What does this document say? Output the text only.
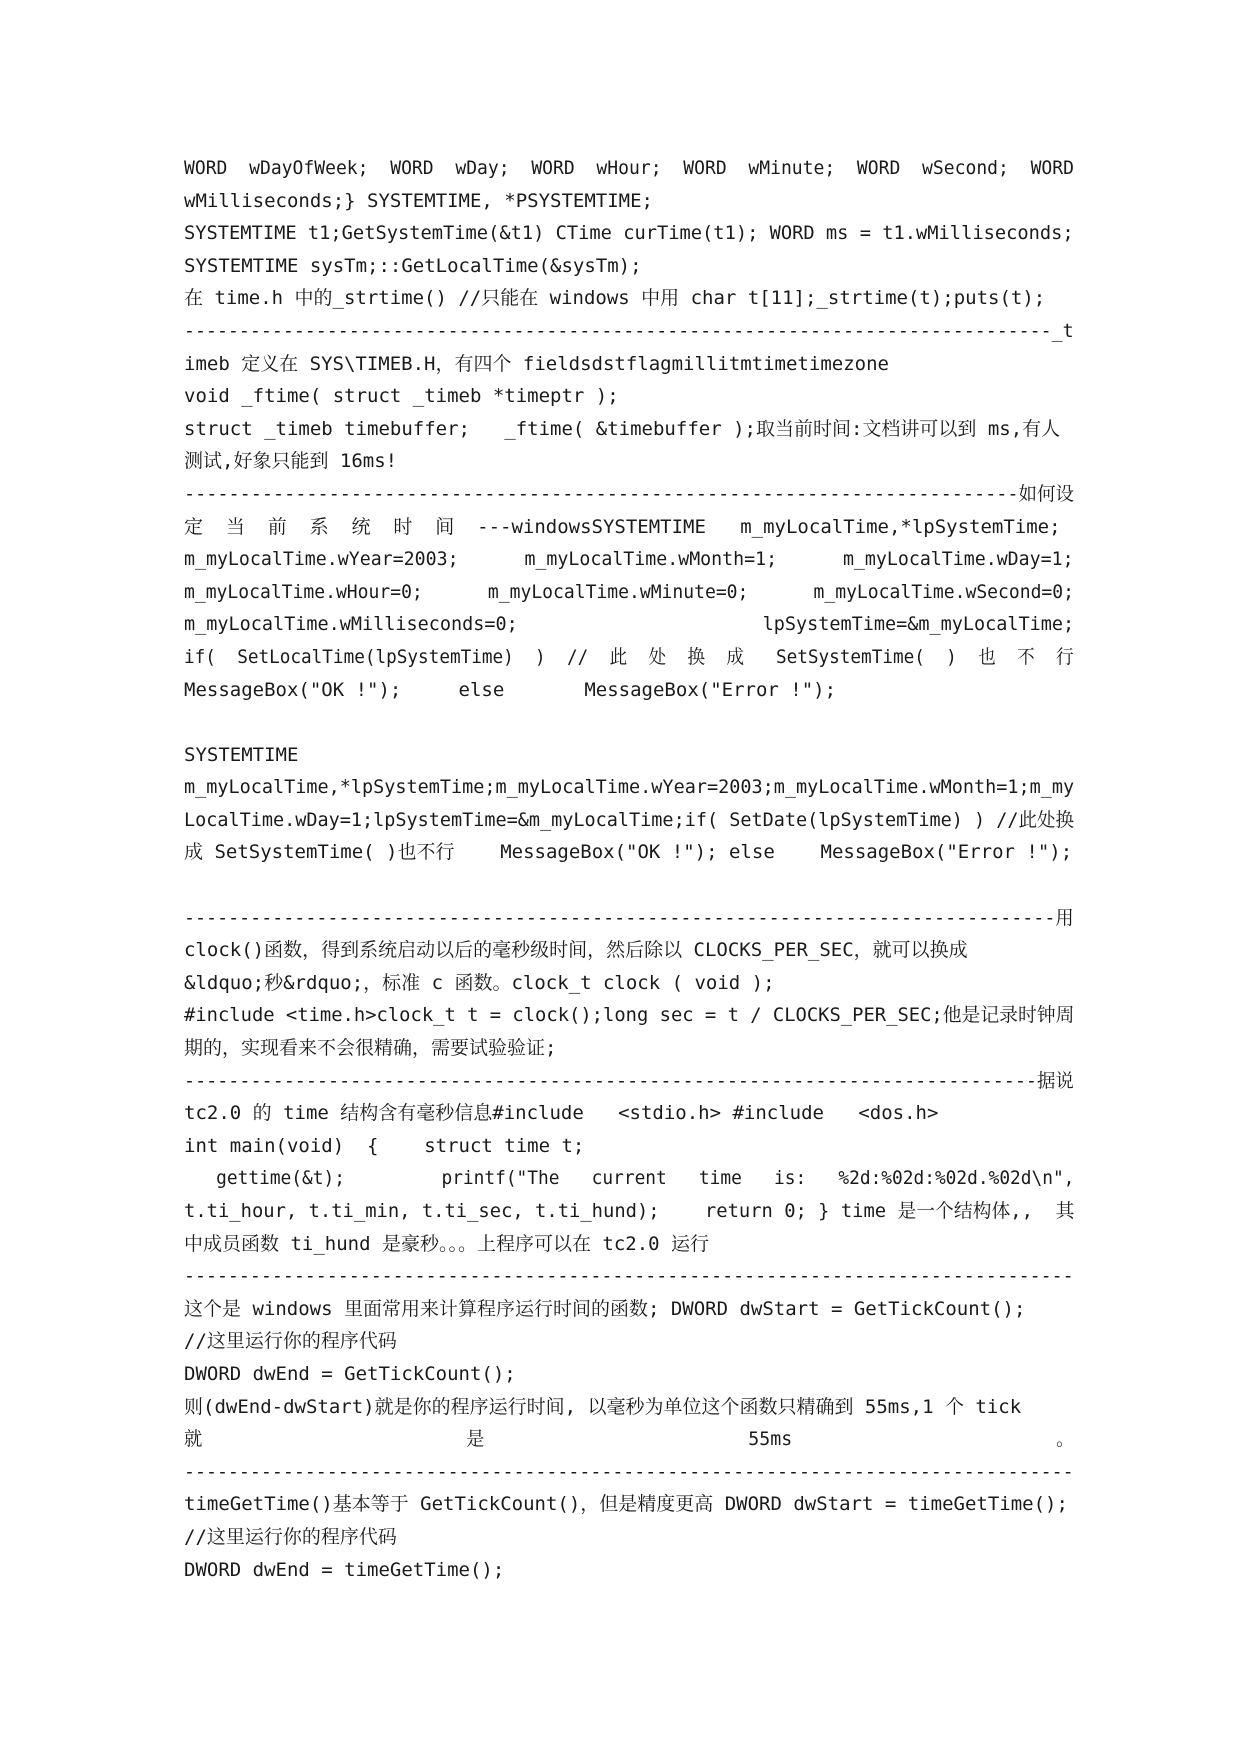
WORD  wDayOfWeek;  WORD  wDay;  WORD  wHour;  WORD  wMinute;  WORD  wSecond;  WORD
wMilliseconds;} SYSTEMTIME, *PSYSTEMTIME;
SYSTEMTIME t1;GetSystemTime(&t1) CTime curTime(t1); WORD ms = t1.wMilliseconds;
SYSTEMTIME sysTm;::GetLocalTime(&sysTm);
在 time.h 中的_strtime() //只能在 windows 中用 char t[11];_strtime(t);puts(t);
-------------------------------------------------------------------------------_t
imeb 定义在 SYS\TIMEB.H，有四个 fieldsdstflagmillitmtimetimezone
void _ftime( struct _timeb *timeptr );
struct _timeb timebuffer;   _ftime( &timebuffer );取当前时间:文档讲可以到 ms,有人
测试,好象只能到 16ms!
---------------------------------------------------------------------------如何设
定  当  前  系  统  时  间  ---windowsSYSTEMTIME   m_myLocalTime,*lpSystemTime;
m_myLocalTime.wYear=2003;      m_myLocalTime.wMonth=1;      m_myLocalTime.wDay=1;
m_myLocalTime.wHour=0;      m_myLocalTime.wMinute=0;      m_myLocalTime.wSecond=0;
m_myLocalTime.wMilliseconds=0;                      lpSystemTime=&m_myLocalTime;
if(  SetLocalTime(lpSystemTime)  )  //  此  处  换  成   SetSystemTime(  )  也  不  行
MessageBox("OK !");     else       MessageBox("Error !");
SYSTEMTIME
m_myLocalTime,*lpSystemTime;m_myLocalTime.wYear=2003;m_myLocalTime.wMonth=1;m_my
LocalTime.wDay=1;lpSystemTime=&m_myLocalTime;if( SetDate(lpSystemTime) ) //此处换
成 SetSystemTime( )也不行    MessageBox("OK !"); else    MessageBox("Error !");
-------------------------------------------------------------------------------用
clock()函数，得到系统启动以后的毫秒级时间，然后除以 CLOCKS_PER_SEC，就可以换成
&ldquo;秒&rdquo;，标准 c 函数。clock_t clock ( void );
#include <time.h>clock_t t = clock();long sec = t / CLOCKS_PER_SEC;他是记录时钟周
期的，实现看来不会很精确，需要试验验证;
-----------------------------------------------------------------------------据说
tc2.0 的 time 结构含有毫秒信息#include   <stdio.h> #include   <dos.h>
int main(void)  {    struct time t;
gettime(&t);         printf("The   current   time   is:   %2d:%02d:%02d.%02d\n",
t.ti_hour, t.ti_min, t.ti_sec, t.ti_hund);    return 0; } time 是一个结构体,,  其
中成员函数 ti_hund 是豪秒。。。上程序可以在 tc2.0 运行
---------------------------------------------------------------------------------
这个是 windows 里面常用来计算程序运行时间的函数; DWORD dwStart = GetTickCount();
//这里运行你的程序代码
DWORD dwEnd = GetTickCount();
则(dwEnd-dwStart)就是你的程序运行时间, 以毫秒为单位这个函数只精确到 55ms,1 个 tick
就                        是                        55ms                        。
---------------------------------------------------------------------------------
timeGetTime()基本等于 GetTickCount()，但是精度更高 DWORD dwStart = timeGetTime();
//这里运行你的程序代码
DWORD dwEnd = timeGetTime();
